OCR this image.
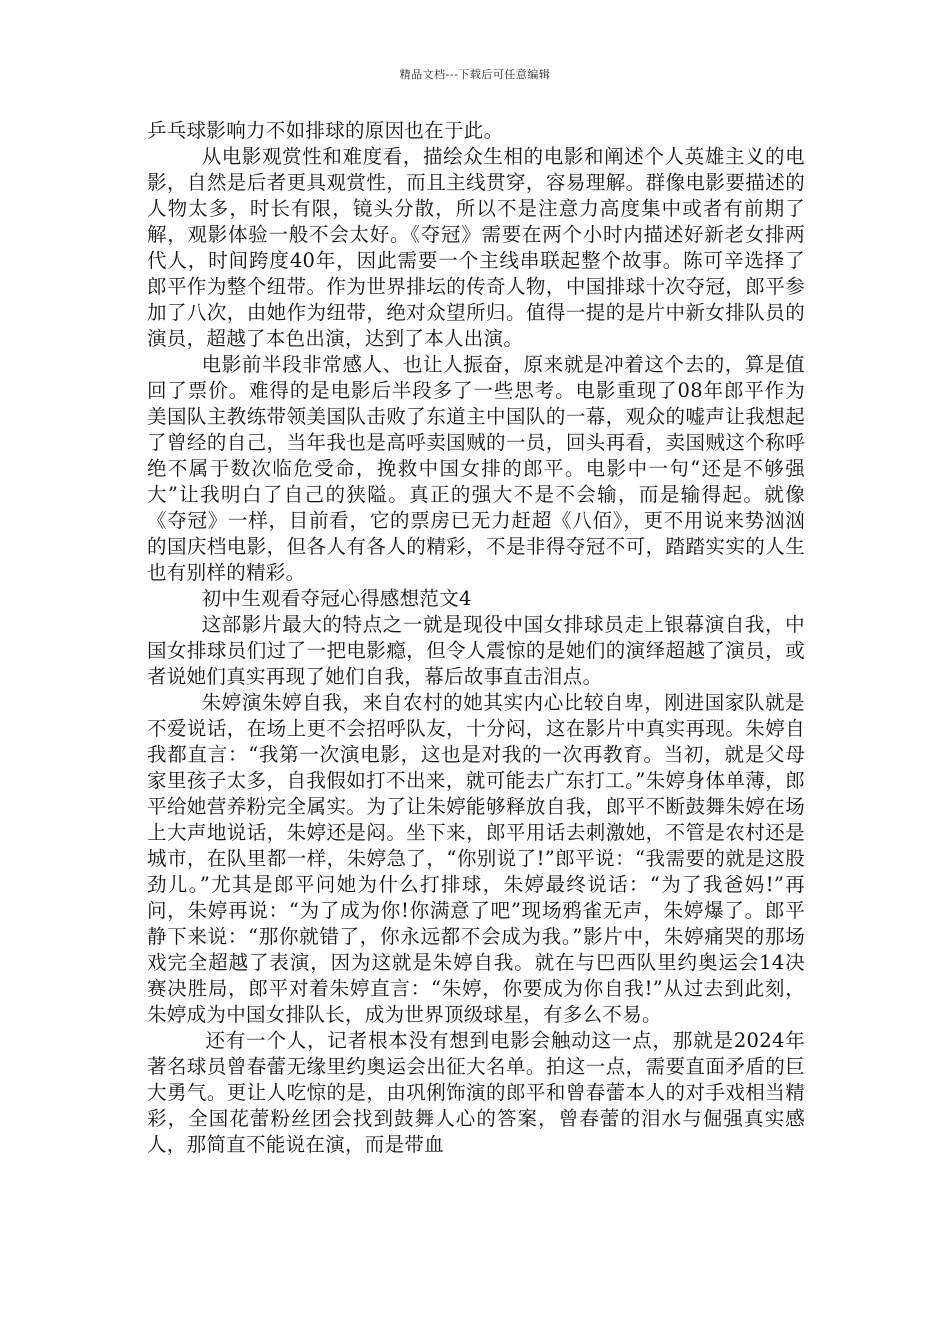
精品文档---下载后可任意编辑

乒乓球影响力不如排球的原因也在于此。

从电影观赏性和难度看，描绘众生相的电影和阐述个人英雄主义的电影，自然是后者更具观赏性，而且主线贯穿，容易理解。群像电影要描述的人物太多，时长有限，镜头分散，所以不是注意力高度集中或者有前期了解，观影体验一般不会太好。《夺冠》需要在两个小时内描述好新老女排两代人，时间跨度40年，因此需要一个主线串联起整个故事。陈可辛选择了郎平作为整个纽带。作为世界排坛的传奇人物，中国排球十次夺冠，郎平参加了八次，由她作为纽带，绝对众望所归。值得一提的是片中新女排队员的演员，超越了本色出演，达到了本人出演。

电影前半段非常感人、也让人振奋，原来就是冲着这个去的，算是值回了票价。难得的是电影后半段多了一些思考。电影重现了08年郎平作为美国队主教练带领美国队击败了东道主中国队的一幕，观众的嘘声让我想起了曾经的自己，当年我也是高呼卖国贼的一员，回头再看，卖国贼这个称呼绝不属于数次临危受命，挽救中国女排的郎平。电影中一句“还是不够强大”让我明白了自己的狭隘。真正的强大不是不会输，而是输得起。就像《夺冠》一样，目前看，它的票房已无力赶超《八佰》，更不用说来势汹汹的国庆档电影，但各人有各人的精彩，不是非得夺冠不可，踏踏实实的人生也有别样的精彩。

初中生观看夺冠心得感想范文4

这部影片最大的特点之一就是现役中国女排球员走上银幕演自我，中国女排球员们过了一把电影瘾，但令人震惊的是她们的演绎超越了演员，或者说她们真实再现了她们自我，幕后故事直击泪点。

朱婷演朱婷自我，来自农村的她其实内心比较自卑，刚进国家队就是不爱说话，在场上更不会招呼队友，十分闷，这在影片中真实再现。朱婷自我都直言：“我第一次演电影，这也是对我的一次再教育。当初，就是父母家里孩子太多，自我假如打不出来，就可能去广东打工。”朱婷身体单薄，郎平给她营养粉完全属实。为了让朱婷能够释放自我，郎平不断鼓舞朱婷在场上大声地说话，朱婷还是闷。坐下来，郎平用话去刺激她，不管是农村还是城市，在队里都一样，朱婷急了，“你别说了!”郎平说：“我需要的就是这股劲儿。”尤其是郎平问她为什么打排球，朱婷最终说话：“为了我爸妈!”再问，朱婷再说：“为了成为你!你满意了吧”现场鸦雀无声，朱婷爆了。郎平静下来说：“那你就错了，你永远都不会成为我。”影片中，朱婷痛哭的那场戏完全超越了表演，因为这就是朱婷自我。就在与巴西队里约奥运会14决赛决胜局，郎平对着朱婷直言：“朱婷，你要成为你自我!”从过去到此刻，朱婷成为中国女排队长，成为世界顶级球星，有多么不易。

还有一个人，记者根本没有想到电影会触动这一点，那就是2024年著名球员曾春蕾无缘里约奥运会出征大名单。拍这一点，需要直面矛盾的巨大勇气。更让人吃惊的是，由巩俐饰演的郎平和曾春蕾本人的对手戏相当精彩，全国花蕾粉丝团会找到鼓舞人心的答案，曾春蕾的泪水与倔强真实感人，那简直不能说在演，而是带血
